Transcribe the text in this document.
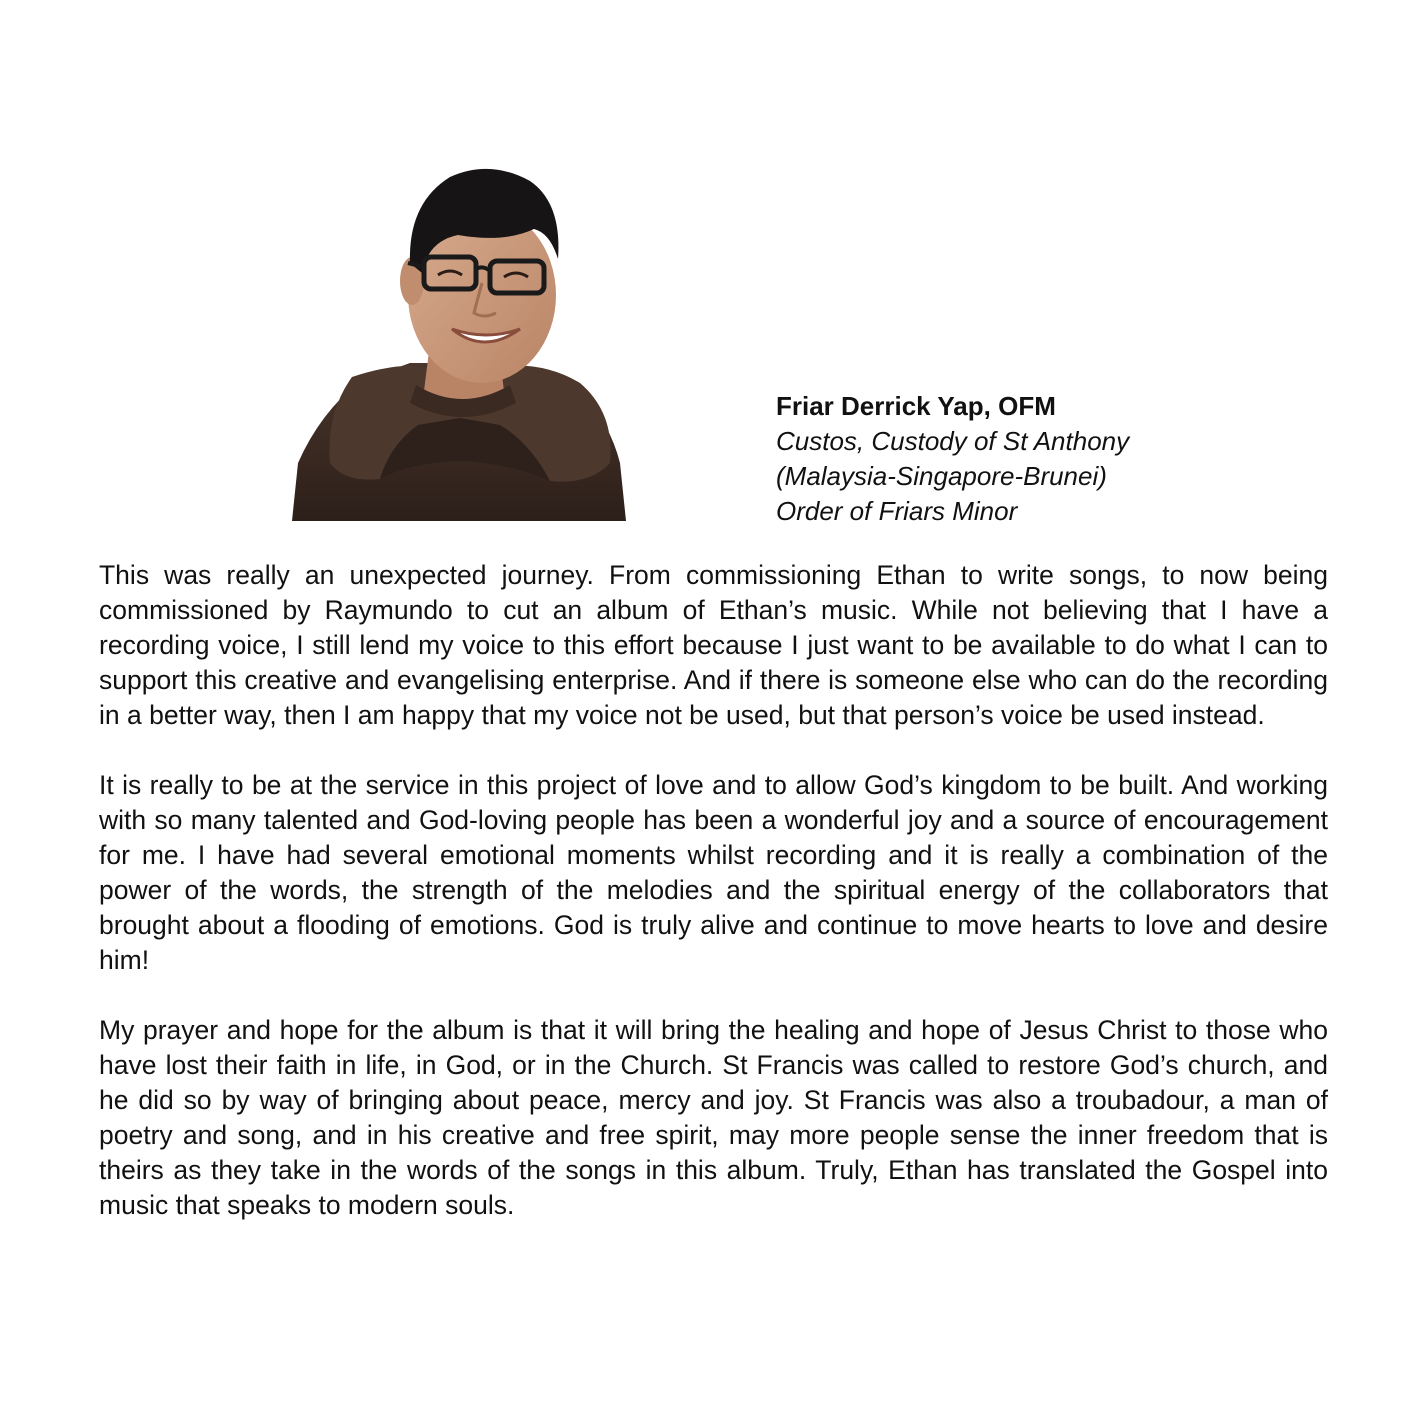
Friar Derrick Yap, OFM
Custos, Custody of St Anthony
(Malaysia-Singapore-Brunei)
Order of Friars Minor

This was really an unexpected journey. From commissioning Ethan to write songs, to now being commissioned by Raymundo to cut an album of Ethan’s music. While not believing that I have a recording voice, I still lend my voice to this effort because I just want to be available to do what I can to support this creative and evangelising enterprise. And if there is someone else who can do the recording in a better way, then I am happy that my voice not be used, but that person’s voice be used instead.

It is really to be at the service in this project of love and to allow God’s kingdom to be built. And working with so many talented and God-loving people has been a wonderful joy and a source of encouragement for me. I have had several emotional moments whilst recording and it is really a combination of the power of the words, the strength of the melodies and the spiritual energy of the collaborators that brought about a flooding of emotions. God is truly alive and continue to move hearts to love and desire him!

My prayer and hope for the album is that it will bring the healing and hope of Jesus Christ to those who have lost their faith in life, in God, or in the Church. St Francis was called to restore God’s church, and he did so by way of bringing about peace, mercy and joy. St Francis was also a troubadour, a man of poetry and song, and in his creative and free spirit, may more people sense the inner freedom that is theirs as they take in the words of the songs in this album. Truly, Ethan has translated the Gospel into music that speaks to modern souls.
